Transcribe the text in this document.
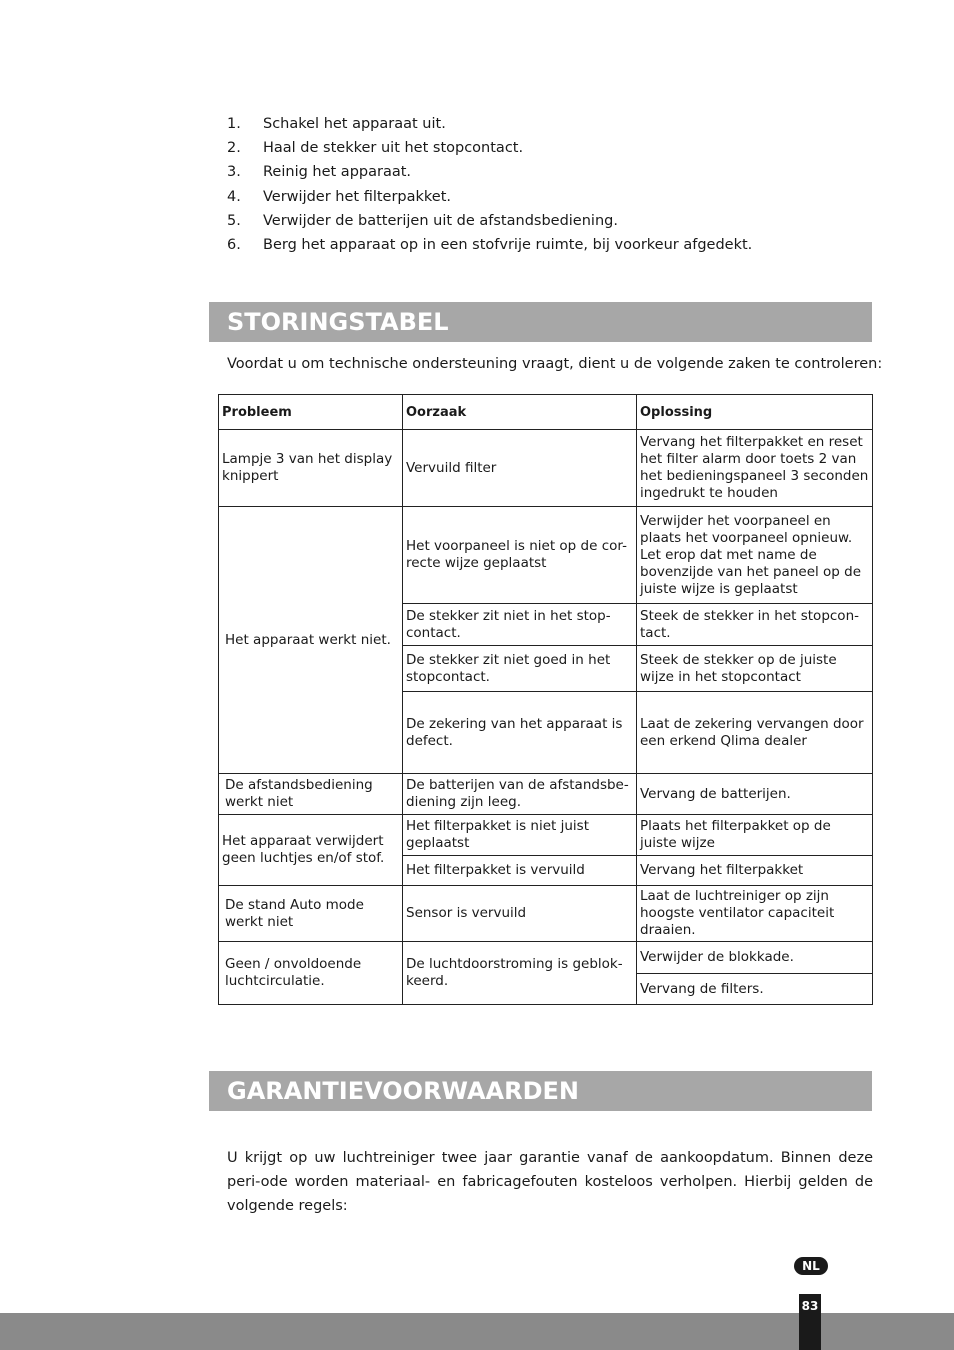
1. Schakel het apparaat uit.
2. Haal de stekker uit het stopcontact.
3. Reinig het apparaat.
4. Verwijder het filterpakket.
5. Verwijder de batterijen uit de afstandsbediening.
6. Berg het apparaat op in een stofvrije ruimte, bij voorkeur afgedekt.
STORINGSTABEL
Voordat u om technische ondersteuning vraagt, dient u de volgende zaken te controleren:
Probleem	Oorzaak	Oplossing
Lampje 3 van het display knippert	Vervuild filter	Vervang het filterpakket en reset het filter alarm door toets 2 van het bedieningspaneel 3 seconden ingedrukt te houden
Het apparaat werkt niet.	Het voorpaneel is niet op de cor-recte wijze geplaatst	Verwijder het voorpaneel en plaats het voorpaneel opnieuw. Let erop dat met name de bovenzijde van het paneel op de juiste wijze is geplaatst
	De stekker zit niet in het stop-contact.	Steek de stekker in het stopcon-tact.
	De stekker zit niet goed in het stopcontact.	Steek de stekker op de juiste wijze in het stopcontact
	De zekering van het apparaat is defect.	Laat de zekering vervangen door een erkend Qlima dealer
De afstandsbediening werkt niet	De batterijen van de afstandsbe-diening zijn leeg.	Vervang de batterijen.
Het apparaat verwijdert geen luchtjes en/of stof.	Het filterpakket is niet juist geplaatst	Plaats het filterpakket op de juiste wijze
	Het filterpakket is vervuild	Vervang het filterpakket
De stand Auto mode werkt niet	Sensor is vervuild	Laat de luchtreiniger op zijn hoogste ventilator capaciteit draaien.
Geen / onvoldoende luchtcirculatie.	De luchtdoorstroming is geblok-keerd.	Verwijder de blokkade.
		Vervang de filters.
GARANTIEVOORWAARDEN

U krijgt op uw luchtreiniger twee jaar garantie vanaf de aankoopdatum. Binnen deze peri-ode worden materiaal- en fabricagefouten kosteloos verholpen. Hierbij gelden de volgende regels:

NL
83
